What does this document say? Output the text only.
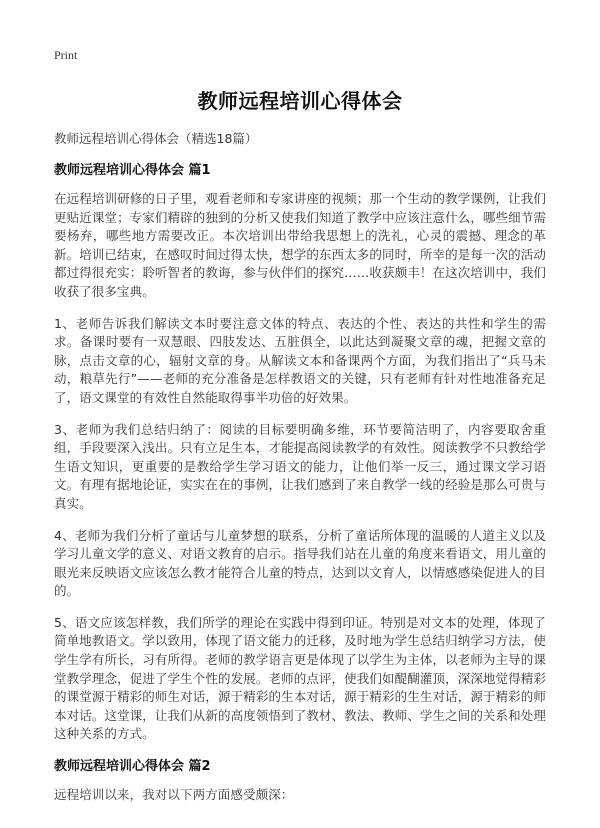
Print
教师远程培训心得体会
教师远程培训心得体会（精选18篇）
教师远程培训心得体会 篇1

在远程培训研修的日子里，观看老师和专家讲座的视频；那一个生动的教学课例，让我们更贴近课堂；专家们精辟的独到的分析又使我们知道了教学中应该注意什么，哪些细节需要杨弃，哪些地方需要改正。本次培训出带给我思想上的洗礼，心灵的震撼、理念的革新。培训已结束，在感叹时间过得太快，想学的东西太多的同时，所幸的是每一次的活动都过得很充实：聆听智者的教诲，参与伙伴们的探究……收获颇丰！在这次培训中，我们收获了很多宝典。

1、老师告诉我们解读文本时要注意文体的特点、表达的个性、表达的共性和学生的需求。备课时要有一双慧眼、四肢发达、五脏俱全，以此达到凝聚文章的魂，把握文章的脉，点击文章的心，辐射文章的身。从解读文本和备课两个方面，为我们指出了“兵马未动，粮草先行”——老师的充分准备是怎样教语文的关键，只有老师有针对性地准备充足了，语文课堂的有效性自然能取得事半功倍的好效果。

3、老师为我们总结归纳了：阅读的目标要明确多维，环节要简洁明了，内容要取舍重组，手段要深入浅出。只有立足生本，才能提高阅读教学的有效性。阅读教学不只教给学生语文知识，更重要的是教给学生学习语文的能力，让他们举一反三，通过课文学习语文。有理有据地论证，实实在在的事例，让我们感到了来自教学一线的经验是那么可贵与真实。

4、老师为我们分析了童话与儿童梦想的联系，分析了童话所体现的温暖的人道主义以及学习儿童文学的意义、对语文教育的启示。指导我们站在儿童的角度来看语文，用儿童的眼光来反映语文应该怎么教才能符合儿童的特点，达到以文育人，以情感感染促进人的目的。

5、语文应该怎样教，我们所学的理论在实践中得到印证。特别是对文本的处理，体现了简单地教语文。学以致用，体现了语文能力的迁移，及时地为学生总结归纳学习方法，使学生学有所长，习有所得。老师的教学语言更是体现了以学生为主体，以老师为主导的课堂教学理念，促进了学生个性的发展。老师的点评，使我们如醍醐灌顶，深深地觉得精彩的课堂源于精彩的师生对话，源于精彩的生本对话，源于精彩的生生对话，源于精彩的师本对话。这堂课，让我们从新的高度领悟到了教材、教法、教师、学生之间的关系和处理这种关系的方式。

教师远程培训心得体会 篇2

远程培训以来，我对以下两方面感受颇深：
